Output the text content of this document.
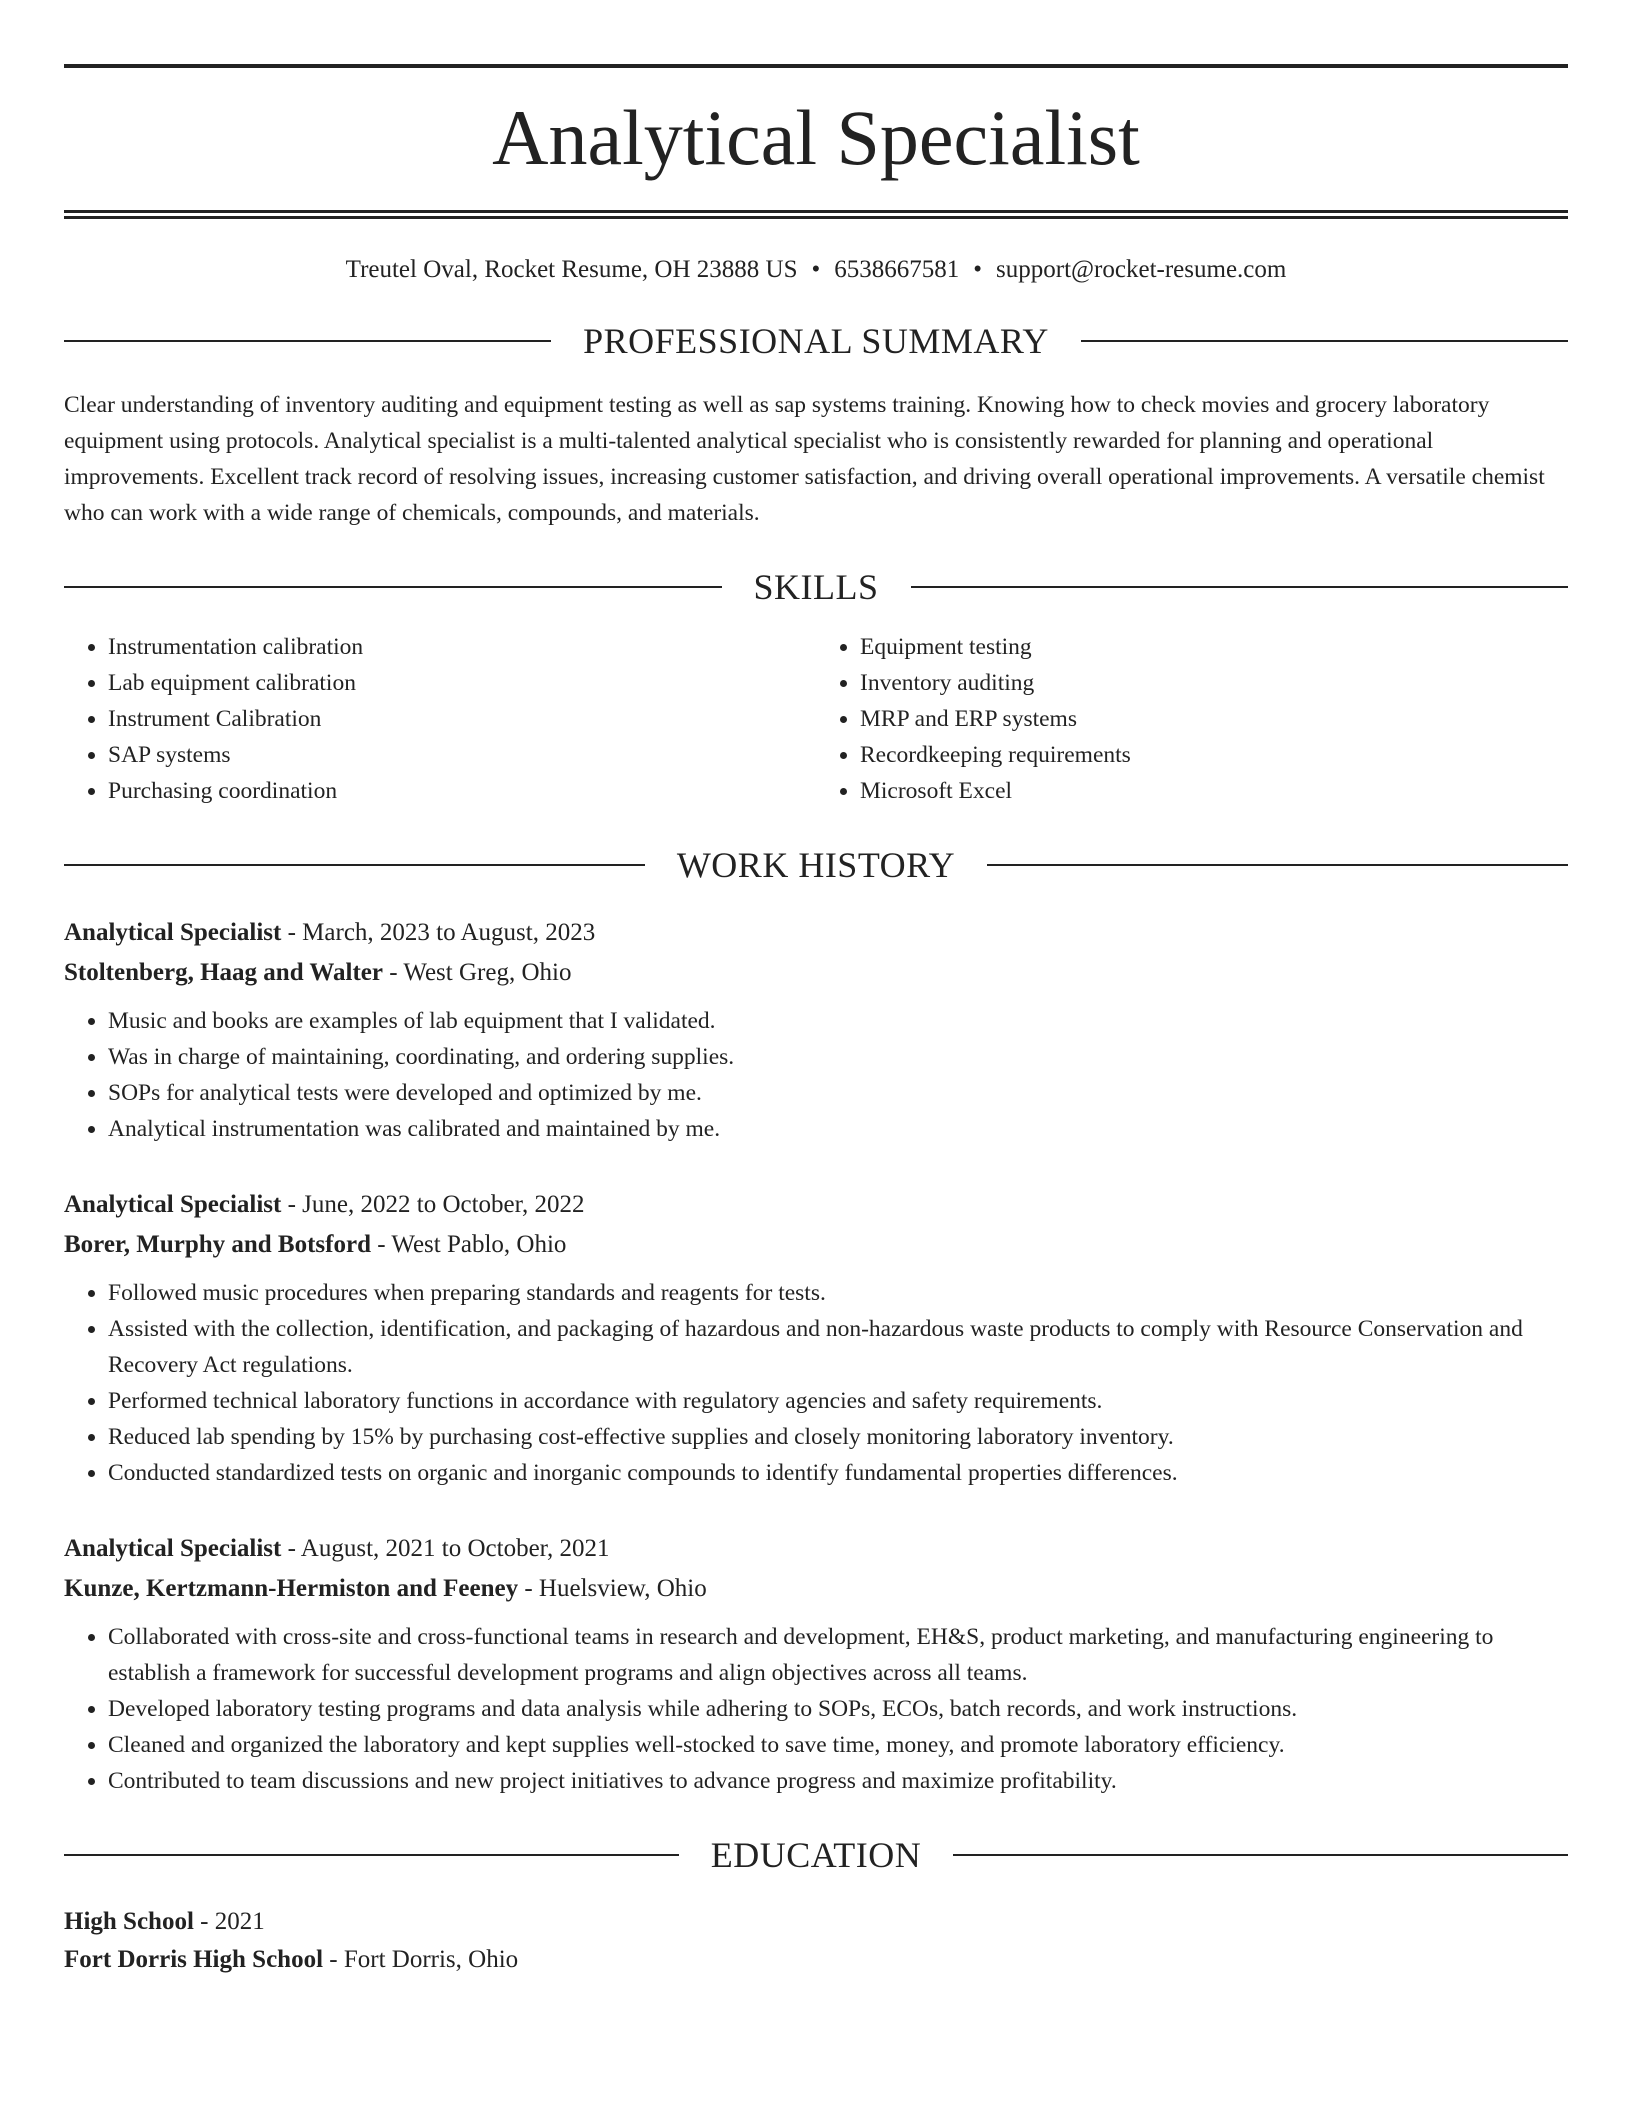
Analytical Specialist
Treutel Oval, Rocket Resume, OH 23888 US • 6538667581 • support@rocket-resume.com
PROFESSIONAL SUMMARY

Clear understanding of inventory auditing and equipment testing as well as sap systems training. Knowing how to check movies and grocery laboratory equipment using protocols. Analytical specialist is a multi-talented analytical specialist who is consistently rewarded for planning and operational improvements. Excellent track record of resolving issues, increasing customer satisfaction, and driving overall operational improvements. A versatile chemist who can work with a wide range of chemicals, compounds, and materials.

SKILLS
• Instrumentation calibration
• Lab equipment calibration
• Instrument Calibration
• SAP systems
• Purchasing coordination
• Equipment testing
• Inventory auditing
• MRP and ERP systems
• Recordkeeping requirements
• Microsoft Excel
WORK HISTORY
Analytical Specialist - March, 2023 to August, 2023
Stoltenberg, Haag and Walter - West Greg, Ohio
• Music and books are examples of lab equipment that I validated.
• Was in charge of maintaining, coordinating, and ordering supplies.
• SOPs for analytical tests were developed and optimized by me.
• Analytical instrumentation was calibrated and maintained by me.
Analytical Specialist - June, 2022 to October, 2022
Borer, Murphy and Botsford - West Pablo, Ohio
• Followed music procedures when preparing standards and reagents for tests.
• Assisted with the collection, identification, and packaging of hazardous and non-hazardous waste products to comply with Resource Conservation and Recovery Act regulations.
• Performed technical laboratory functions in accordance with regulatory agencies and safety requirements.
• Reduced lab spending by 15% by purchasing cost-effective supplies and closely monitoring laboratory inventory.
• Conducted standardized tests on organic and inorganic compounds to identify fundamental properties differences.
Analytical Specialist - August, 2021 to October, 2021
Kunze, Kertzmann-Hermiston and Feeney - Huelsview, Ohio
• Collaborated with cross-site and cross-functional teams in research and development, EH&S, product marketing, and manufacturing engineering to establish a framework for successful development programs and align objectives across all teams.
• Developed laboratory testing programs and data analysis while adhering to SOPs, ECOs, batch records, and work instructions.
• Cleaned and organized the laboratory and kept supplies well-stocked to save time, money, and promote laboratory efficiency.
• Contributed to team discussions and new project initiatives to advance progress and maximize profitability.
EDUCATION
High School - 2021
Fort Dorris High School - Fort Dorris, Ohio
